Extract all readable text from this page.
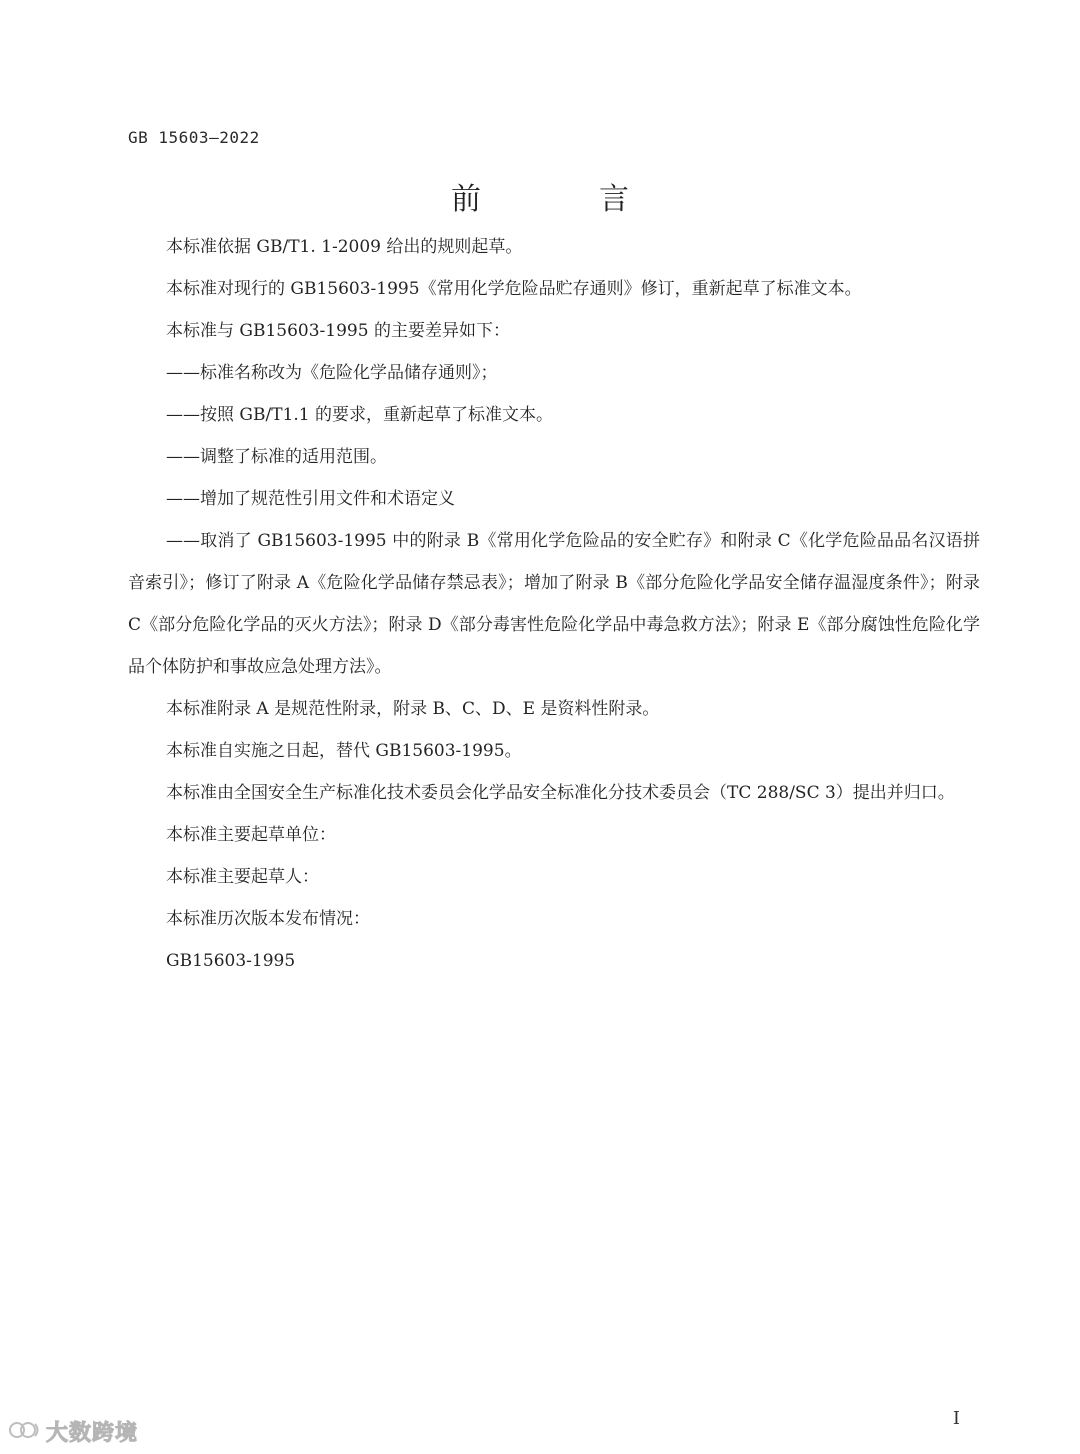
GB 15603—2022
前　言

本标准依据 GB/T1. 1-2009 给出的规则起草。

本标准对现行的 GB15603-1995《常用化学危险品贮存通则》修订，重新起草了标准文本。

本标准与 GB15603-1995 的主要差异如下：

——标准名称改为《危险化学品储存通则》；

——按照 GB/T1.1 的要求，重新起草了标准文本。

——调整了标准的适用范围。

——增加了规范性引用文件和术语定义

——取消了 GB15603-1995 中的附录 B《常用化学危险品的安全贮存》和附录 C《化学危险品品名汉语拼音索引》；修订了附录 A《危险化学品储存禁忌表》；增加了附录 B《部分危险化学品安全储存温湿度条件》；附录 C《部分危险化学品的灭火方法》；附录 D《部分毒害性危险化学品中毒急救方法》；附录 E《部分腐蚀性危险化学品个体防护和事故应急处理方法》。

本标准附录 A 是规范性附录，附录 B、C、D、E 是资料性附录。

本标准自实施之日起，替代 GB15603-1995。

本标准由全国安全生产标准化技术委员会化学品安全标准化分技术委员会（TC 288/SC 3）提出并归口。

本标准主要起草单位：

本标准主要起草人：

本标准历次版本发布情况：

GB15603-1995

I
大数跨境
